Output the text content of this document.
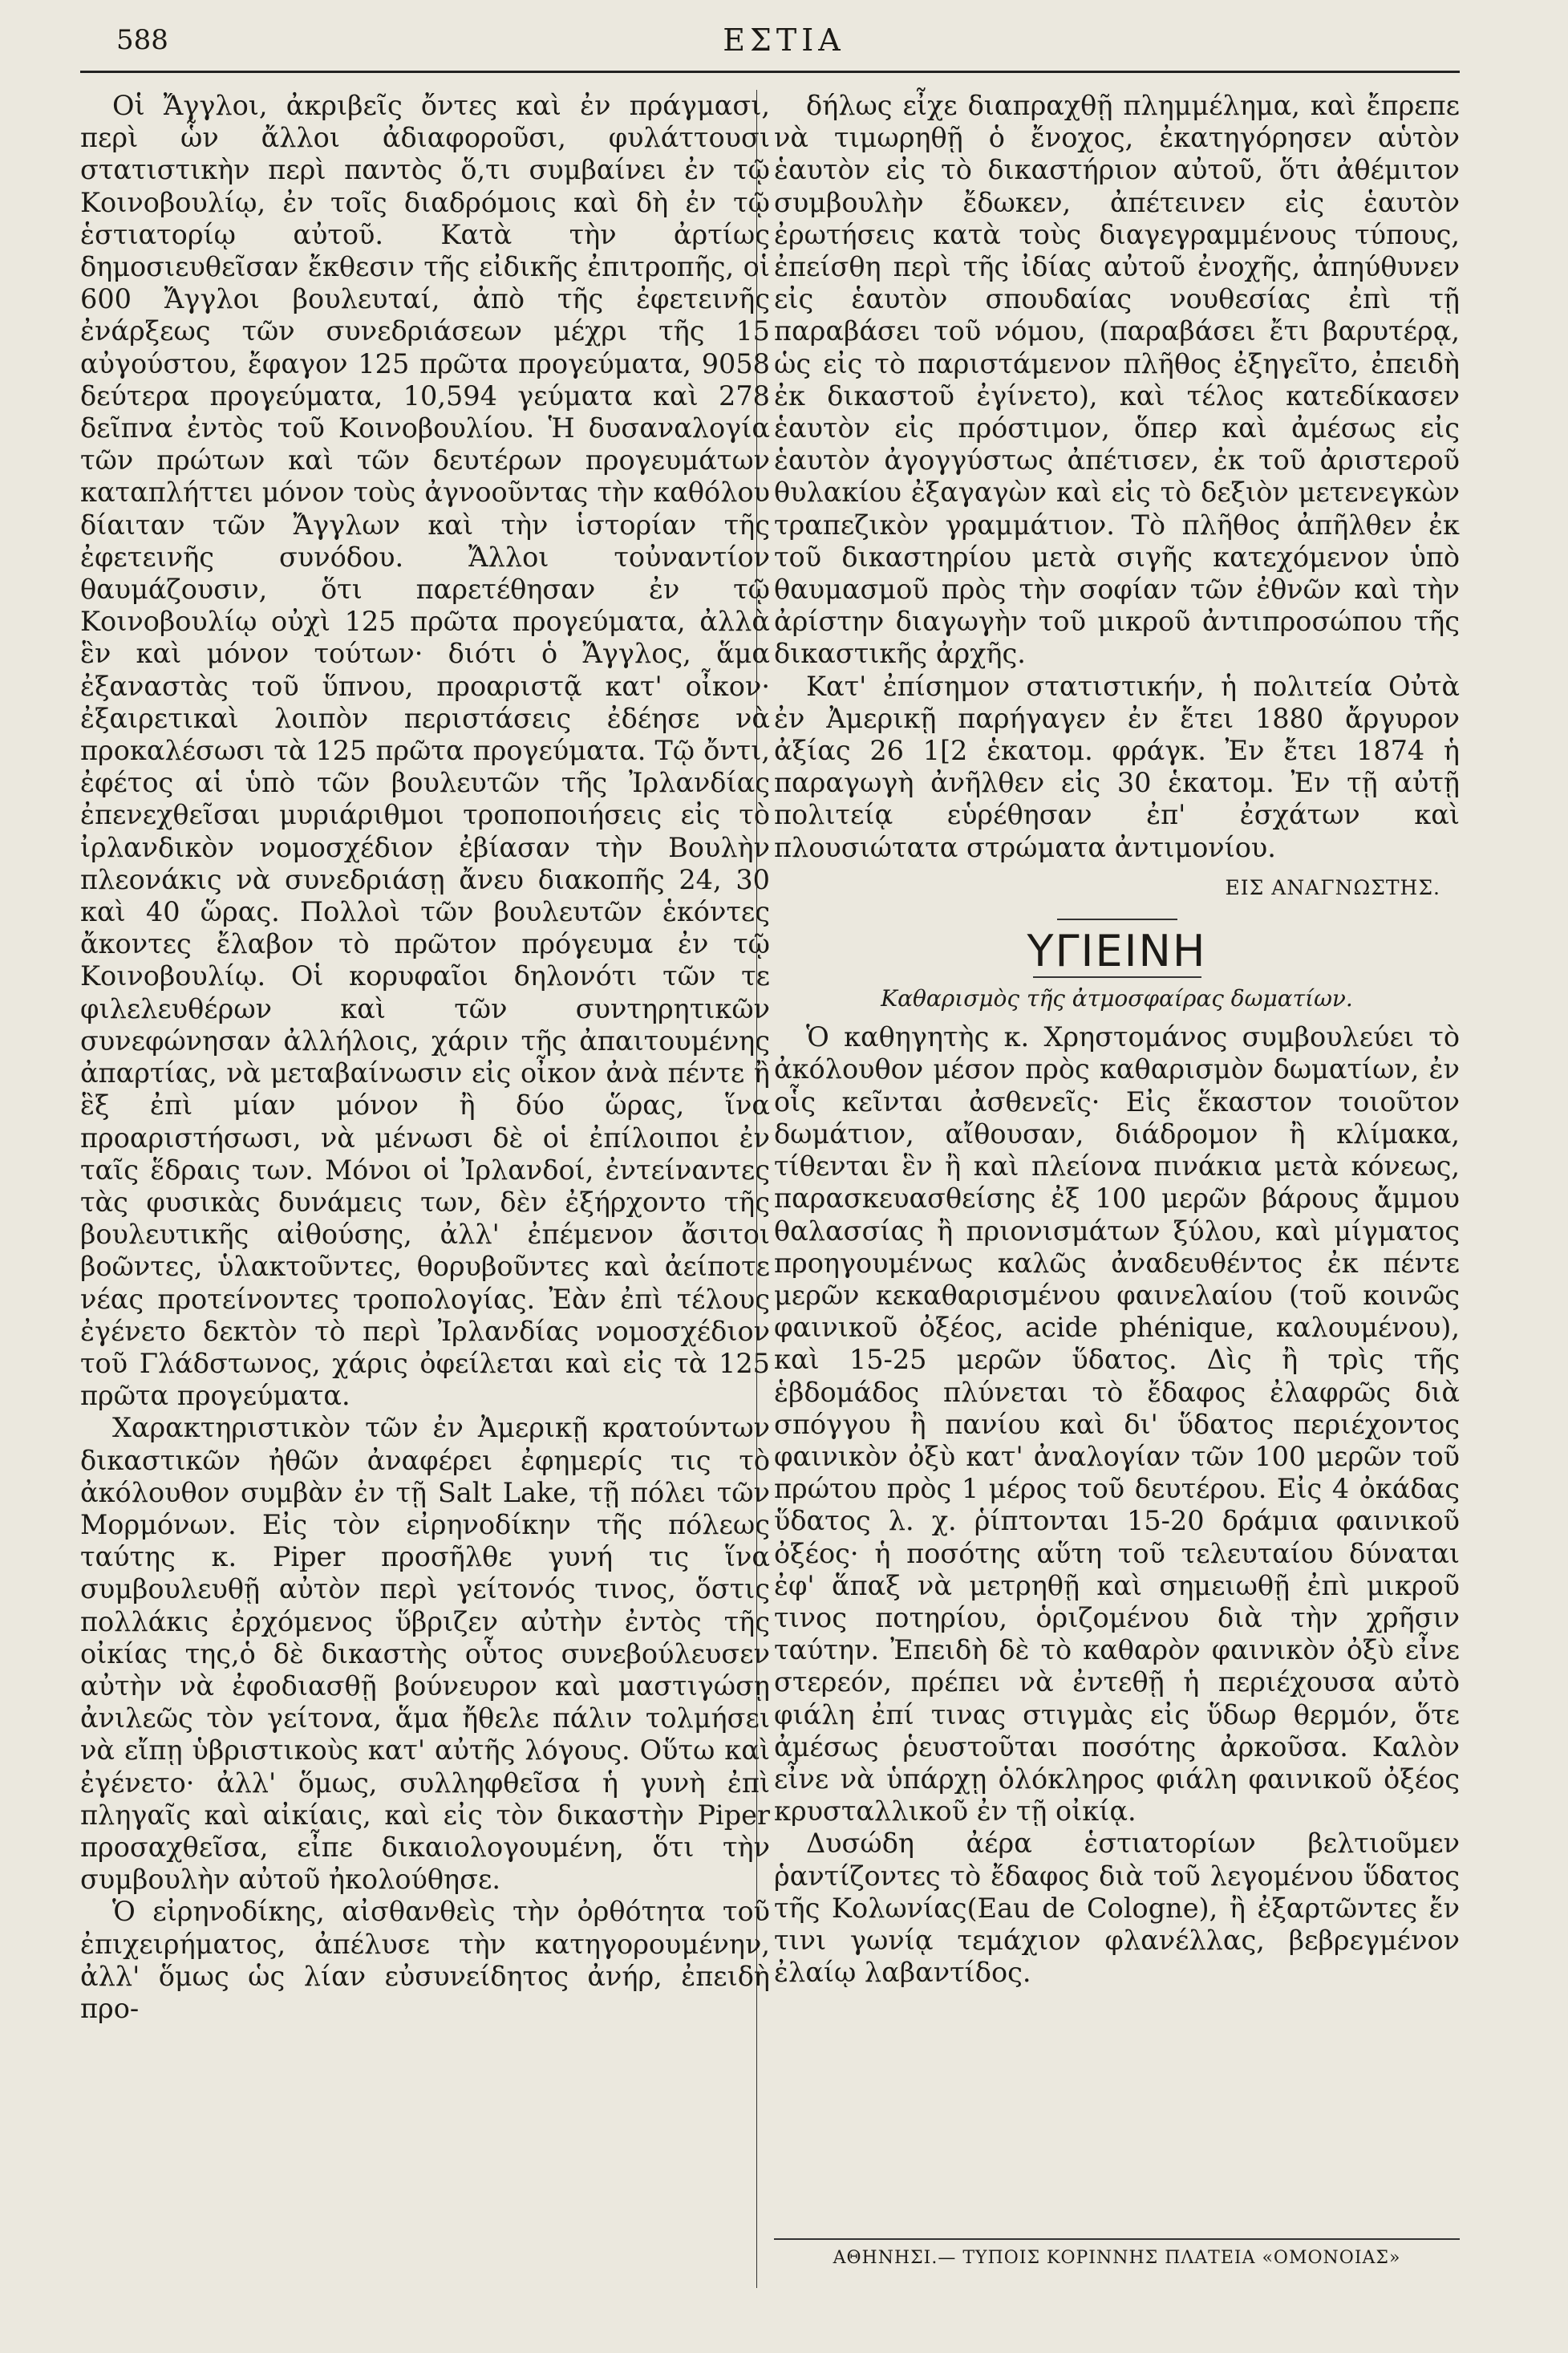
588	ΕΣΤΙΑ

Οἱ Ἄγγλοι, ἀκριβεῖς ὄντες καὶ ἐν πράγμασι, περὶ ὧν ἄλλοι ἀδιαφοροῦσι, φυλάττουσι στατιστικὴν περὶ παντὸς ὅ,τι συμβαίνει ἐν τῷ Κοινοβουλίῳ, ἐν τοῖς διαδρόμοις καὶ δὴ ἐν τῷ ἑστιατορίῳ αὐτοῦ. Κατὰ τὴν ἀρτίως δημοσιευθεῖσαν ἔκθεσιν τῆς εἰδικῆς ἐπιτροπῆς, οἱ 600 Ἄγγλοι βουλευταί, ἀπὸ τῆς ἐφετεινῆς ἐνάρξεως τῶν συνεδριάσεων μέχρι τῆς 15 αὐγούστου, ἔφαγον 125 πρῶτα προγεύματα, 9058 δεύτερα προγεύματα, 10,594 γεύματα καὶ 278 δεῖπνα ἐντὸς τοῦ Κοινοβουλίου. Ἡ δυσαναλογία τῶν πρώτων καὶ τῶν δευτέρων προγευμάτων καταπλήττει μόνον τοὺς ἀγνοοῦντας τὴν καθόλου δίαιταν τῶν Ἄγγλων καὶ τὴν ἱστορίαν τῆς ἐφετεινῆς συνόδου. Ἄλλοι τοὐναντίον θαυμάζουσιν, ὅτι παρετέθησαν ἐν τῷ Κοινοβουλίῳ οὐχὶ 125 πρῶτα προγεύματα, ἀλλὰ ἓν καὶ μόνον τούτων· διότι ὁ Ἄγγλος, ἅμα ἐξαναστὰς τοῦ ὕπνου, προαριστᾷ κατ' οἶκον· ἐξαιρετικαὶ λοιπὸν περιστάσεις ἐδέησε νὰ προκαλέσωσι τὰ 125 πρῶτα προγεύματα. Τῷ ὄντι, ἐφέτος αἱ ὑπὸ τῶν βουλευτῶν τῆς Ἰρλανδίας ἐπενεχθεῖσαι μυριάριθμοι τροποποιήσεις εἰς τὸ ἰρλανδικὸν νομοσχέδιον ἐβίασαν τὴν Βουλὴν πλεονάκις νὰ συνεδριάσῃ ἄνευ διακοπῆς 24, 30 καὶ 40 ὥρας. Πολλοὶ τῶν βουλευτῶν ἑκόντες ἄκοντες ἔλαβον τὸ πρῶτον πρόγευμα ἐν τῷ Κοινοβουλίῳ. Οἱ κορυφαῖοι δηλονότι τῶν τε φιλελευθέρων καὶ τῶν συντηρητικῶν συνεφώνησαν ἀλλήλοις, χάριν τῆς ἀπαιτουμένης ἀπαρτίας, νὰ μεταβαίνωσιν εἰς οἶκον ἀνὰ πέντε ἢ ἓξ ἐπὶ μίαν μόνον ἢ δύο ὥρας, ἵνα προαριστήσωσι, νὰ μένωσι δὲ οἱ ἐπίλοιποι ἐν ταῖς ἕδραις των. Μόνοι οἱ Ἰρλανδοί, ἐντείναντες τὰς φυσικὰς δυνάμεις των, δὲν ἐξήρχοντο τῆς βουλευτικῆς αἰθούσης, ἀλλ' ἐπέμενον ἄσιτοι βοῶντες, ὑλακτοῦντες, θορυβοῦντες καὶ ἀείποτε νέας προτείνοντες τροπολογίας. Ἐὰν ἐπὶ τέλους ἐγένετο δεκτὸν τὸ περὶ Ἰρλανδίας νομοσχέδιον τοῦ Γλάδστωνος, χάρις ὀφείλεται καὶ εἰς τὰ 125 πρῶτα προγεύματα.

Χαρακτηριστικὸν τῶν ἐν Ἀμερικῇ κρατούντων δικαστικῶν ἠθῶν ἀναφέρει ἐφημερίς τις τὸ ἀκόλουθον συμβὰν ἐν τῇ Salt Lake, τῇ πόλει τῶν Μορμόνων. Εἰς τὸν εἰρηνοδίκην τῆς πόλεως ταύτης κ. Piper προσῆλθε γυνή τις ἵνα συμβουλευθῇ αὐτὸν περὶ γείτονός τινος, ὅστις πολλάκις ἐρχόμενος ὕβριζεν αὐτὴν ἐντὸς τῆς οἰκίας της,ὁ δὲ δικαστὴς οὗτος συνεβούλευσεν αὐτὴν νὰ ἐφοδιασθῇ βούνευρον καὶ μαστιγώσῃ ἀνιλεῶς τὸν γείτονα, ἅμα ἤθελε πάλιν τολμήσει νὰ εἴπῃ ὑβριστικοὺς κατ' αὐτῆς λόγους. Οὕτω καὶ ἐγένετο· ἀλλ' ὅμως, συλληφθεῖσα ἡ γυνὴ ἐπὶ πληγαῖς καὶ αἰκίαις, καὶ εἰς τὸν δικαστὴν Piper προσαχθεῖσα, εἶπε δικαιολογουμένη, ὅτι τὴν συμβουλὴν αὐτοῦ ἠκολούθησε.

Ὁ εἰρηνοδίκης, αἰσθανθεὶς τὴν ὀρθότητα τοῦ ἐπιχειρήματος, ἀπέλυσε τὴν κατηγορουμένην, ἀλλ' ὅμως ὡς λίαν εὐσυνείδητος ἀνήρ, ἐπειδὴ προ-

δήλως εἶχε διαπραχθῇ πλημμέλημα, καὶ ἔπρεπε νὰ τιμωρηθῇ ὁ ἔνοχος, ἐκατηγόρησεν αὑτὸν ἑαυτὸν εἰς τὸ δικαστήριον αὐτοῦ, ὅτι ἀθέμιτον συμβουλὴν ἔδωκεν, ἀπέτεινεν εἰς ἑαυτὸν ἐρωτήσεις κατὰ τοὺς διαγεγραμμένους τύπους, ἐπείσθη περὶ τῆς ἰδίας αὐτοῦ ἐνοχῆς, ἀπηύθυνεν εἰς ἑαυτὸν σπουδαίας νουθεσίας ἐπὶ τῇ παραβάσει τοῦ νόμου, (παραβάσει ἔτι βαρυτέρᾳ, ὡς εἰς τὸ παριστάμενον πλῆθος ἐξηγεῖτο, ἐπειδὴ ἐκ δικαστοῦ ἐγίνετο), καὶ τέλος κατεδίκασεν ἑαυτὸν εἰς πρόστιμον, ὅπερ καὶ ἀμέσως εἰς ἑαυτὸν ἀγογγύστως ἀπέτισεν, ἐκ τοῦ ἀριστεροῦ θυλακίου ἐξαγαγὼν καὶ εἰς τὸ δεξιὸν μετενεγκὼν τραπεζικὸν γραμμάτιον. Τὸ πλῆθος ἀπῆλθεν ἐκ τοῦ δικαστηρίου μετὰ σιγῆς κατεχόμενον ὑπὸ θαυμασμοῦ πρὸς τὴν σοφίαν τῶν ἐθνῶν καὶ τὴν ἀρίστην διαγωγὴν τοῦ μικροῦ ἀντιπροσώπου τῆς δικαστικῆς ἀρχῆς.

Κατ' ἐπίσημον στατιστικήν, ἡ πολιτεία Οὐτὰ ἐν Ἀμερικῇ παρήγαγεν ἐν ἔτει 1880 ἄργυρον ἀξίας 26 1[2 ἑκατομ. φράγκ. Ἐν ἔτει 1874 ἡ παραγωγὴ ἀνῆλθεν εἰς 30 ἑκατομ. Ἐν τῇ αὐτῇ πολιτείᾳ εὑρέθησαν ἐπ' ἐσχάτων καὶ πλουσιώτατα στρώματα ἀντιμονίου.

ΕΙΣ ΑΝΑΓΝΩΣΤΗΣ.
ΥΓΙΕΙΝΗ
Καθαρισμὸς τῆς ἀτμοσφαίρας δωματίων.

Ὁ καθηγητὴς κ. Χρηστομάνος συμβουλεύει τὸ ἀκόλουθον μέσον πρὸς καθαρισμὸν δωματίων, ἐν οἷς κεῖνται ἀσθενεῖς· Εἰς ἕκαστον τοιοῦτον δωμάτιον, αἴθουσαν, διάδρομον ἢ κλίμακα, τίθενται ἓν ἢ καὶ πλείονα πινάκια μετὰ κόνεως, παρασκευασθείσης ἐξ 100 μερῶν βάρους ἄμμου θαλασσίας ἢ πριονισμάτων ξύλου, καὶ μίγματος προηγουμένως καλῶς ἀναδευθέντος ἐκ πέντε μερῶν κεκαθαρισμένου φαινελαίου (τοῦ κοινῶς φαινικοῦ ὀξέος, acide phénique, καλουμένου), καὶ 15-25 μερῶν ὕδατος. Δὶς ἢ τρὶς τῆς ἑβδομάδος πλύνεται τὸ ἔδαφος ἐλαφρῶς διὰ σπόγγου ἢ πανίου καὶ δι' ὕδατος περιέχοντος φαινικὸν ὀξὺ κατ' ἀναλογίαν τῶν 100 μερῶν τοῦ πρώτου πρὸς 1 μέρος τοῦ δευτέρου. Εἰς 4 ὀκάδας ὕδατος λ. χ. ῥίπτονται 15-20 δράμια φαινικοῦ ὀξέος· ἡ ποσότης αὕτη τοῦ τελευταίου δύναται ἐφ' ἅπαξ νὰ μετρηθῇ καὶ σημειωθῇ ἐπὶ μικροῦ τινος ποτηρίου, ὁριζομένου διὰ τὴν χρῆσιν ταύτην. Ἐπειδὴ δὲ τὸ καθαρὸν φαινικὸν ὀξὺ εἶνε στερεόν, πρέπει νὰ ἐντεθῇ ἡ περιέχουσα αὐτὸ φιάλη ἐπί τινας στιγμὰς εἰς ὕδωρ θερμόν, ὅτε ἀμέσως ῥευστοῦται ποσότης ἀρκοῦσα. Καλὸν εἶνε νὰ ὑπάρχῃ ὁλόκληρος φιάλη φαινικοῦ ὀξέος κρυσταλλικοῦ ἐν τῇ οἰκίᾳ.

Δυσώδη ἀέρα ἑστιατορίων βελτιοῦμεν ῥαντίζοντες τὸ ἔδαφος διὰ τοῦ λεγομένου ὕδατος τῆς Κολωνίας(Eau de Cologne), ἢ ἐξαρτῶντες ἔν τινι γωνίᾳ τεμάχιον φλανέλλας, βεβρεγμένον ἐλαίῳ λαβαντίδος.

ΑΘΗΝΗΣΙ.— ΤΥΠΟΙΣ ΚΟΡΙΝΝΗΣ ΠΛΑΤΕΙΑ «ΟΜΟΝΟΙΑΣ»
